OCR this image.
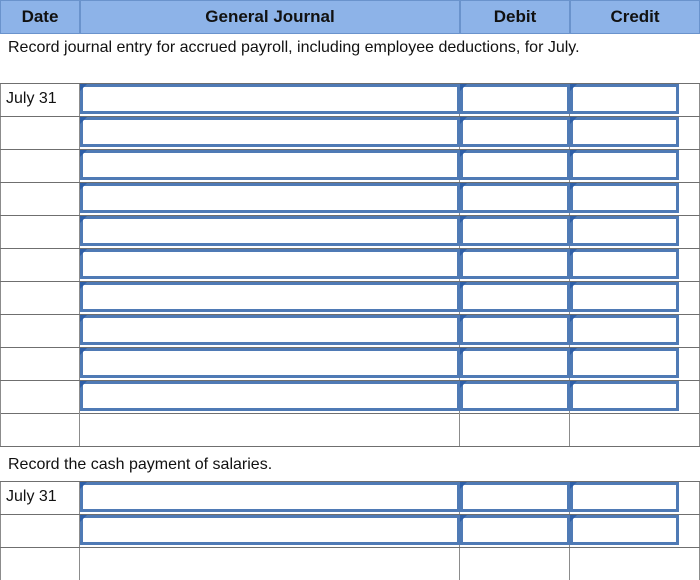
Date	General Journal	Debit	Credit
Record journal entry for accrued payroll, including employee deductions, for July.
July 31
July 31
Record the cash payment of salaries.
